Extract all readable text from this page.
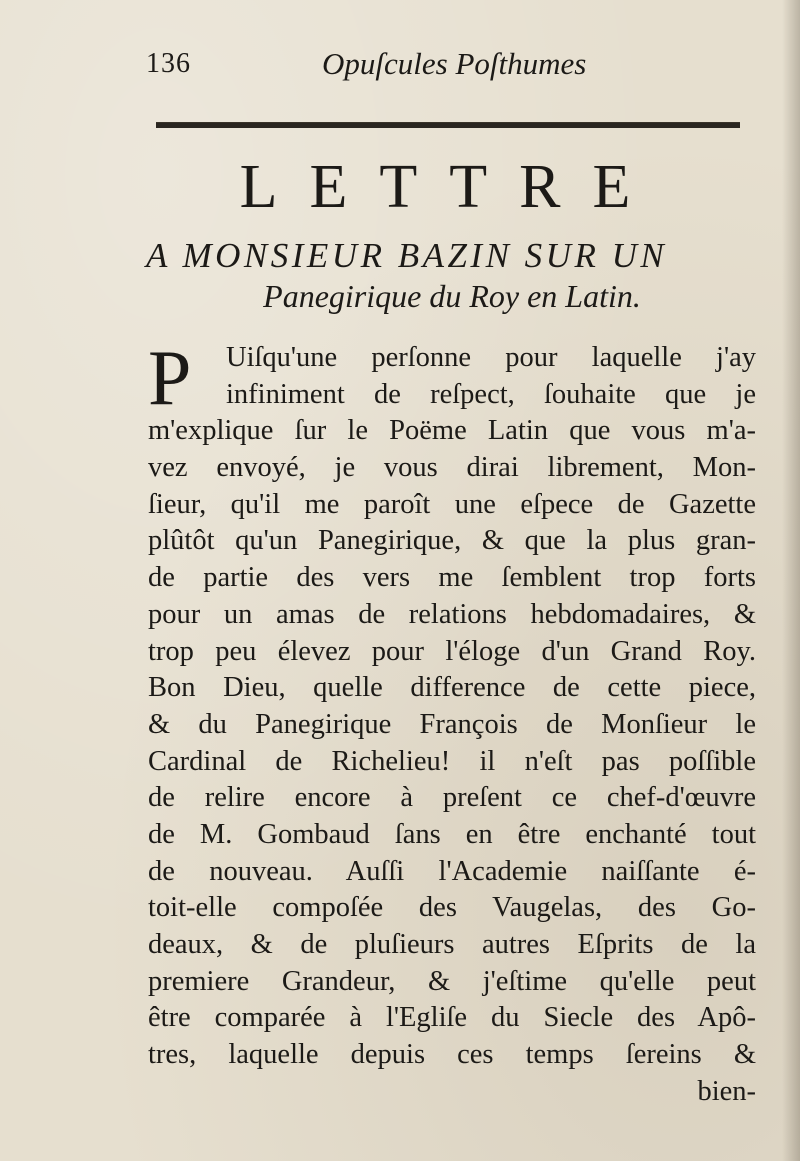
136	Opuſcules Poſthumes
LETTRE
A MONSIEUR BAZIN SUR UN
Panegirique du Roy en Latin.
P	Uiſqu'une perſonne pour laquelle j'ay
infiniment de reſpect, ſouhaite que je
m'explique ſur le Poëme Latin que vous m'a-
vez envoyé, je vous dirai librement, Mon-
ſieur, qu'il me paroît une eſpece de Gazette
plûtôt qu'un Panegirique, & que la plus gran-
de partie des vers me ſemblent trop forts
pour un amas de relations hebdomadaires, &
trop peu élevez pour l'éloge d'un Grand Roy.
Bon Dieu, quelle difference de cette piece,
& du Panegirique François de Monſieur le
Cardinal de Richelieu! il n'eſt pas poſſible
de relire encore à preſent ce chef-d'œuvre
de M. Gombaud ſans en être enchanté tout
de nouveau. Auſſi l'Academie naiſſante é-
toit-elle compoſée des Vaugelas, des Go-
deaux, & de pluſieurs autres Eſprits de la
premiere Grandeur, & j'eſtime qu'elle peut
être comparée à l'Egliſe du Siecle des Apô-
tres, laquelle depuis ces temps ſereins &
bien-
